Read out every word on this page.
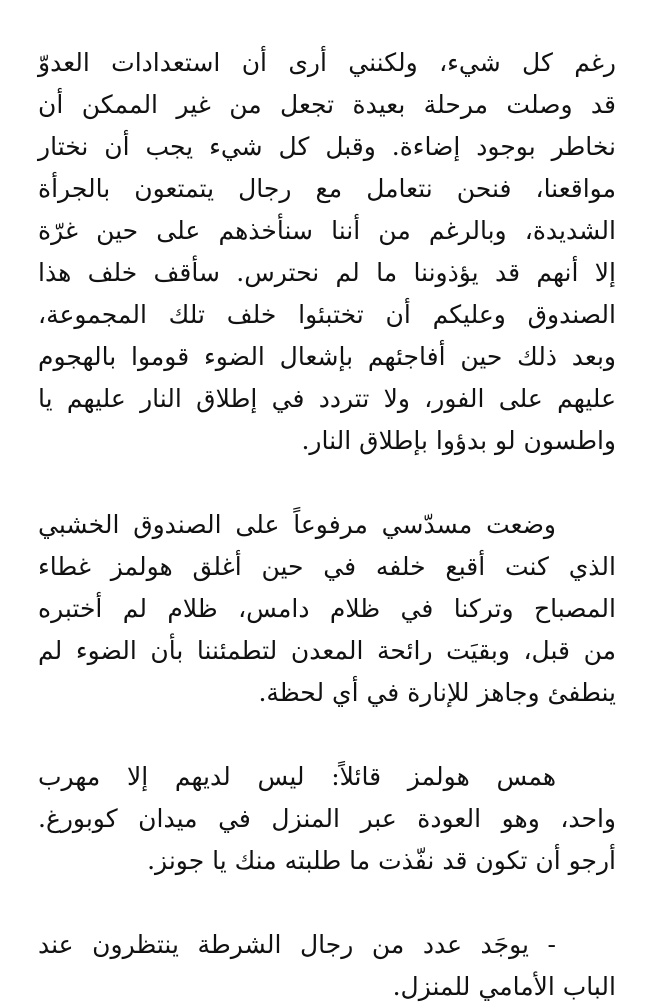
رغم كل شيء، ولكنني أرى أن استعدادات العدوّ
قد وصلت مرحلة بعيدة تجعل من غير الممكن أن
نخاطر بوجود إضاءة. وقبل كل شيء يجب أن نختار
مواقعنا، فنحن نتعامل مع رجال يتمتعون بالجرأة
الشديدة، وبالرغم من أننا سنأخذهم على حين غرّة
إلا أنهم قد يؤذوننا ما لم نحترس. سأقف خلف هذا
الصندوق وعليكم أن تختبئوا خلف تلك المجموعة،
وبعد ذلك حين أفاجئهم بإشعال الضوء قوموا بالهجوم
عليهم على الفور، ولا تتردد في إطلاق النار عليهم يا
واطسون لو بدؤوا بإطلاق النار.
وضعت مسدّسي مرفوعاً على الصندوق الخشبي
الذي كنت أقبع خلفه في حين أغلق هولمز غطاء
المصباح وتركنا في ظلام دامس، ظلام لم أختبره
من قبل، وبقيَت رائحة المعدن لتطمئننا بأن الضوء لم
ينطفئ وجاهز للإنارة في أي لحظة.
همس هولمز قائلاً: ليس لديهم إلا مهرب
واحد، وهو العودة عبر المنزل في ميدان كوبورغ.
أرجو أن تكون قد نفّذت ما طلبته منك يا جونز.
- يوجَد عدد من رجال الشرطة ينتظرون عند
الباب الأمامي للمنزل.
